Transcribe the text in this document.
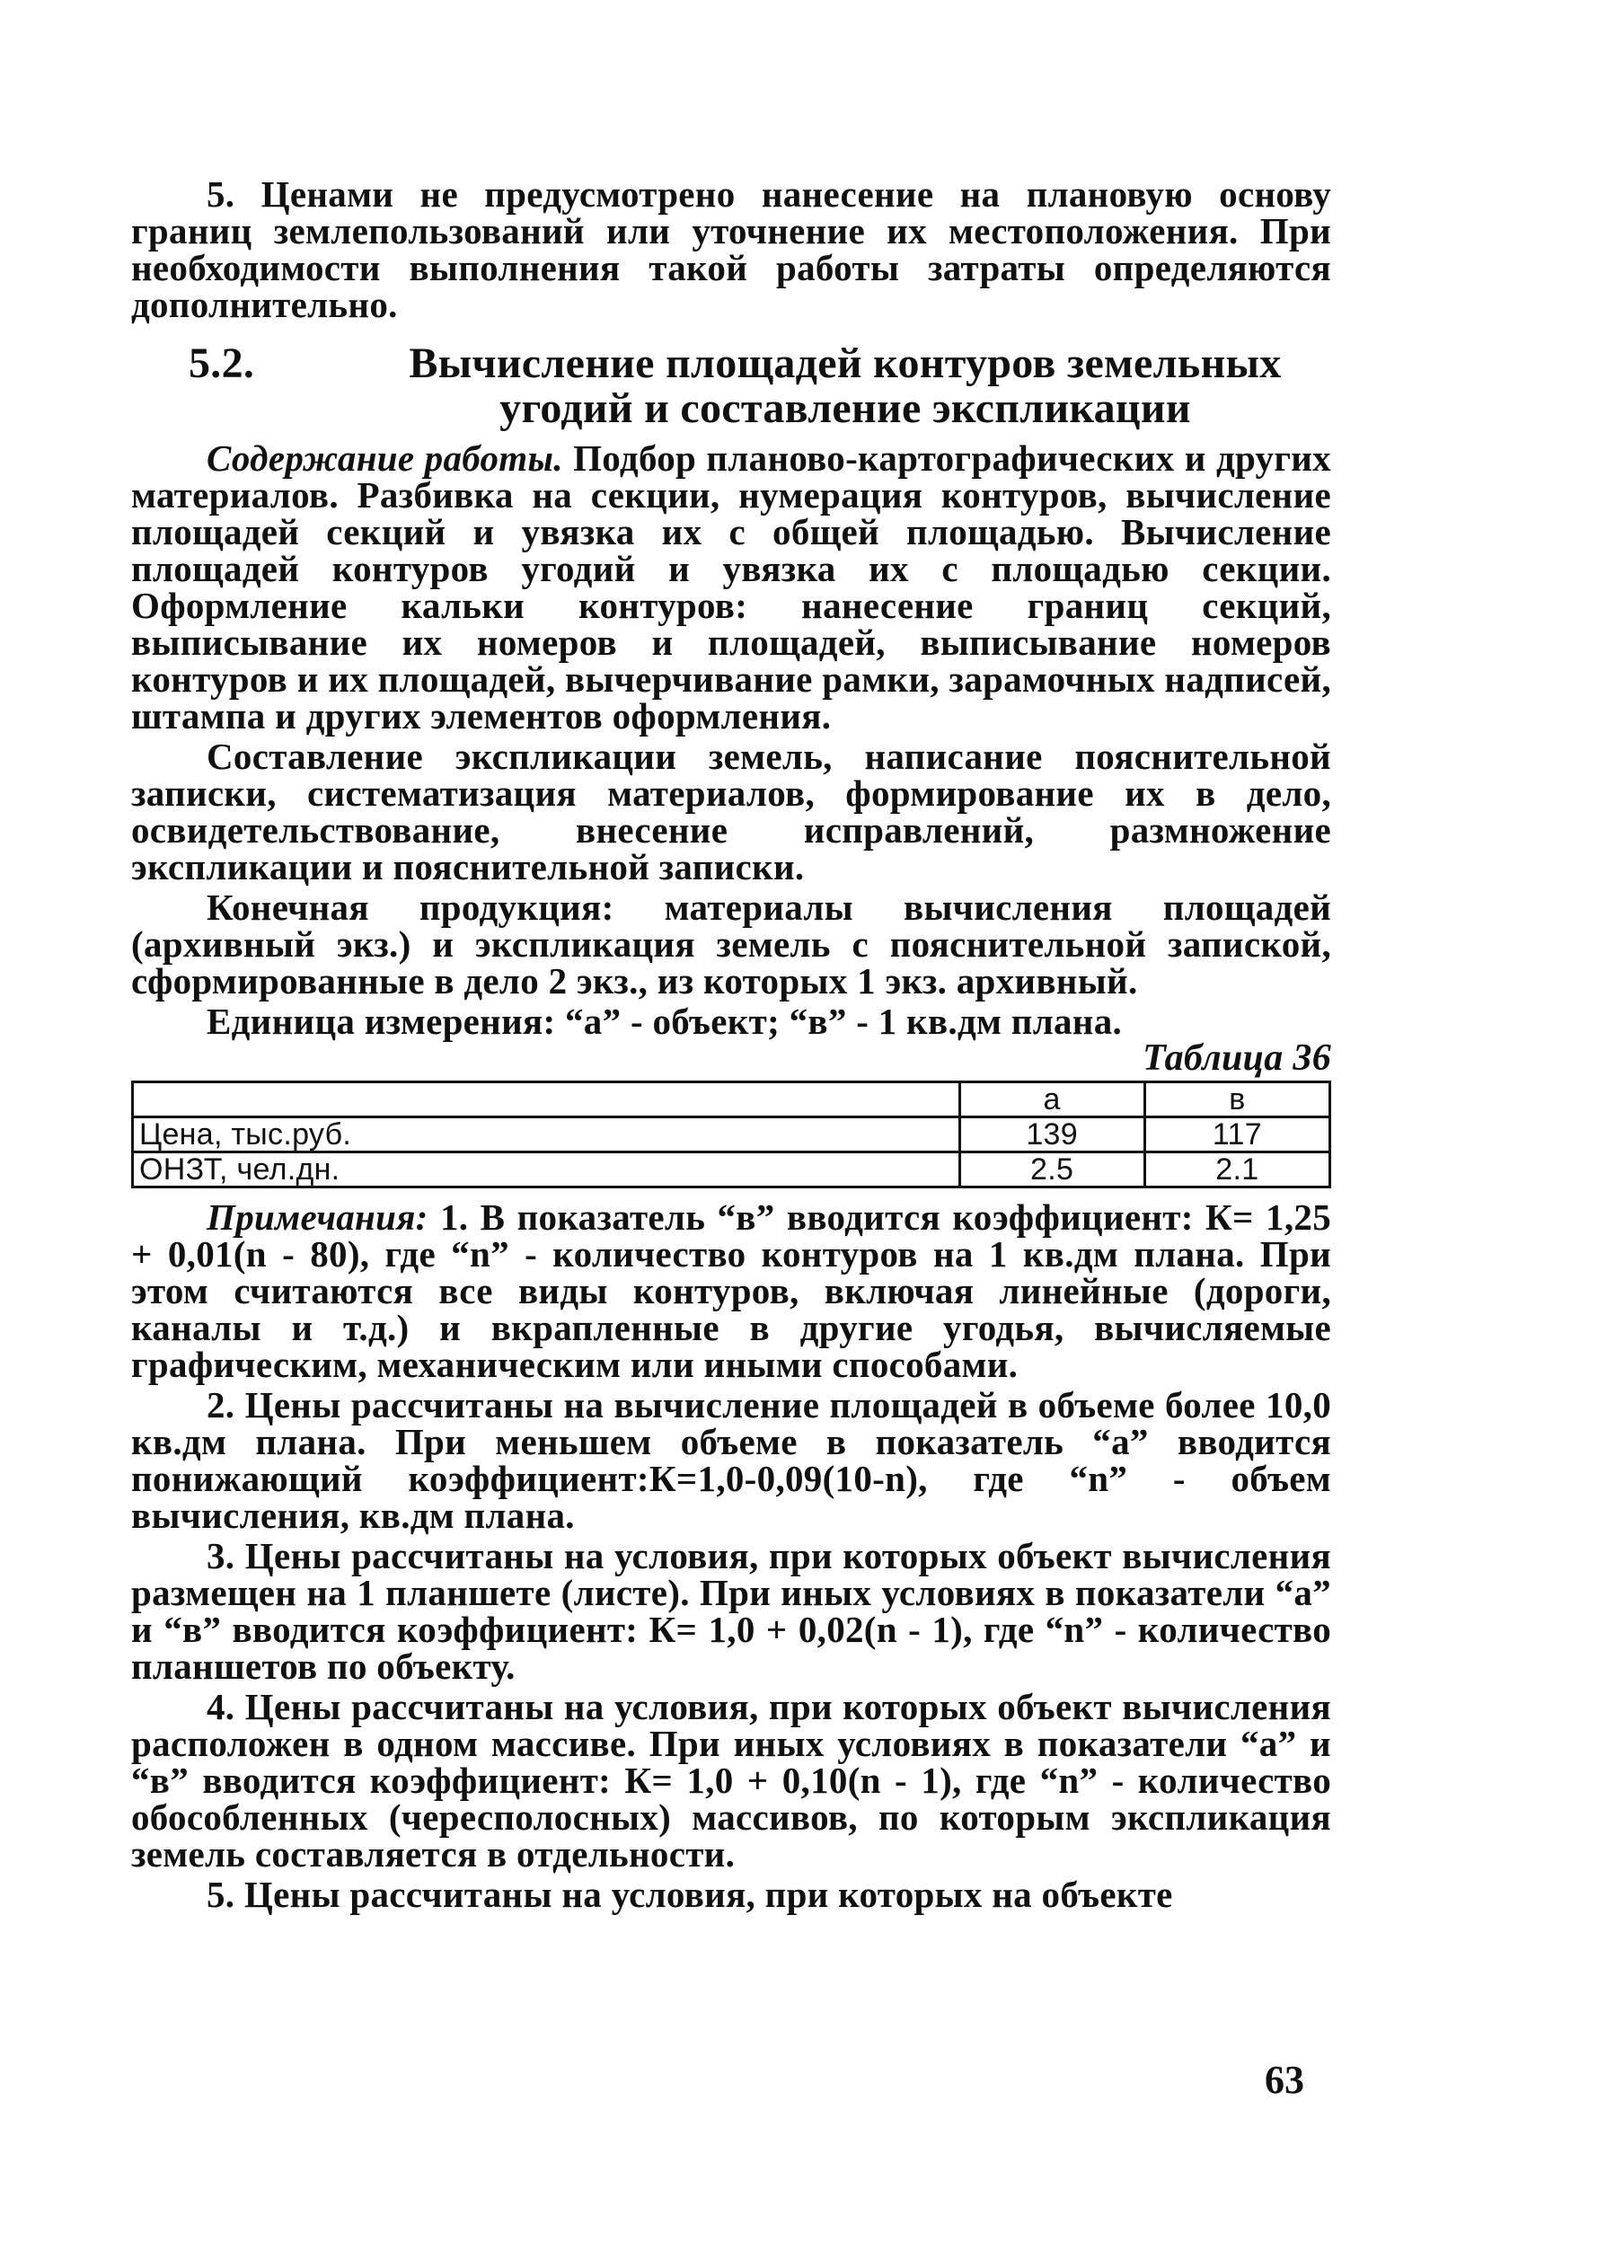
5. Ценами не предусмотрено нанесение на плановую основу границ землепользований или уточнение их местоположения. При необходимости выполнения такой работы затраты определяются дополнительно.

5.2.	Вычисление площадей контуров земельных угодий и составление экспликации

Содержание работы. Подбор планово-картографических и других материалов. Разбивка на секции, нумерация контуров, вычисление площадей секций и увязка их с общей площадью. Вычисление площадей контуров угодий и увязка их с площадью секции. Оформление кальки контуров: нанесение границ секций, выписывание их номеров и площадей, выписывание номеров контуров и их площадей, вычерчивание рамки, зарамочных надписей, штампа и других элементов оформления.

Составление экспликации земель, написание пояснительной записки, систематизация материалов, формирование их в дело, освидетельствование, внесение исправлений, размножение экспликации и пояснительной записки.

Конечная продукция: материалы вычисления площадей (архивный экз.) и экспликация земель с пояснительной запиской, сформированные в дело 2 экз., из которых 1 экз. архивный.

Единица измерения: “а” - объект; “в” - 1 кв.дм плана.

Таблица 36
	а	в
Цена, тыс.руб.	139	117
ОНЗТ, чел.дн.	2.5	2.1

Примечания: 1. В показатель “в” вводится коэффициент: К= 1,25 + 0,01(n - 80), где “n” - количество контуров на 1 кв.дм плана. При этом считаются все виды контуров, включая линейные (дороги, каналы и т.д.) и вкрапленные в другие угодья, вычисляемые графическим, механическим или иными способами.

2. Цены рассчитаны на вычисление площадей в объеме более 10,0 кв.дм плана. При меньшем объеме в показатель “а” вводится понижающий коэффициент:К=1,0-0,09(10-n), где “n” - объем вычисления, кв.дм плана.

3. Цены рассчитаны на условия, при которых объект вычисления размещен на 1 планшете (листе). При иных условиях в показатели “а” и “в” вводится коэффициент: К= 1,0 + 0,02(n - 1), где “n” - количество планшетов по объекту.

4. Цены рассчитаны на условия, при которых объект вычисления расположен в одном массиве. При иных условиях в показатели “а” и “в” вводится коэффициент: К= 1,0 + 0,10(n - 1), где “n” - количество обособленных (чересполосных) массивов, по которым экспликация земель составляется в отдельности.

5. Цены рассчитаны на условия, при которых на объекте

63
